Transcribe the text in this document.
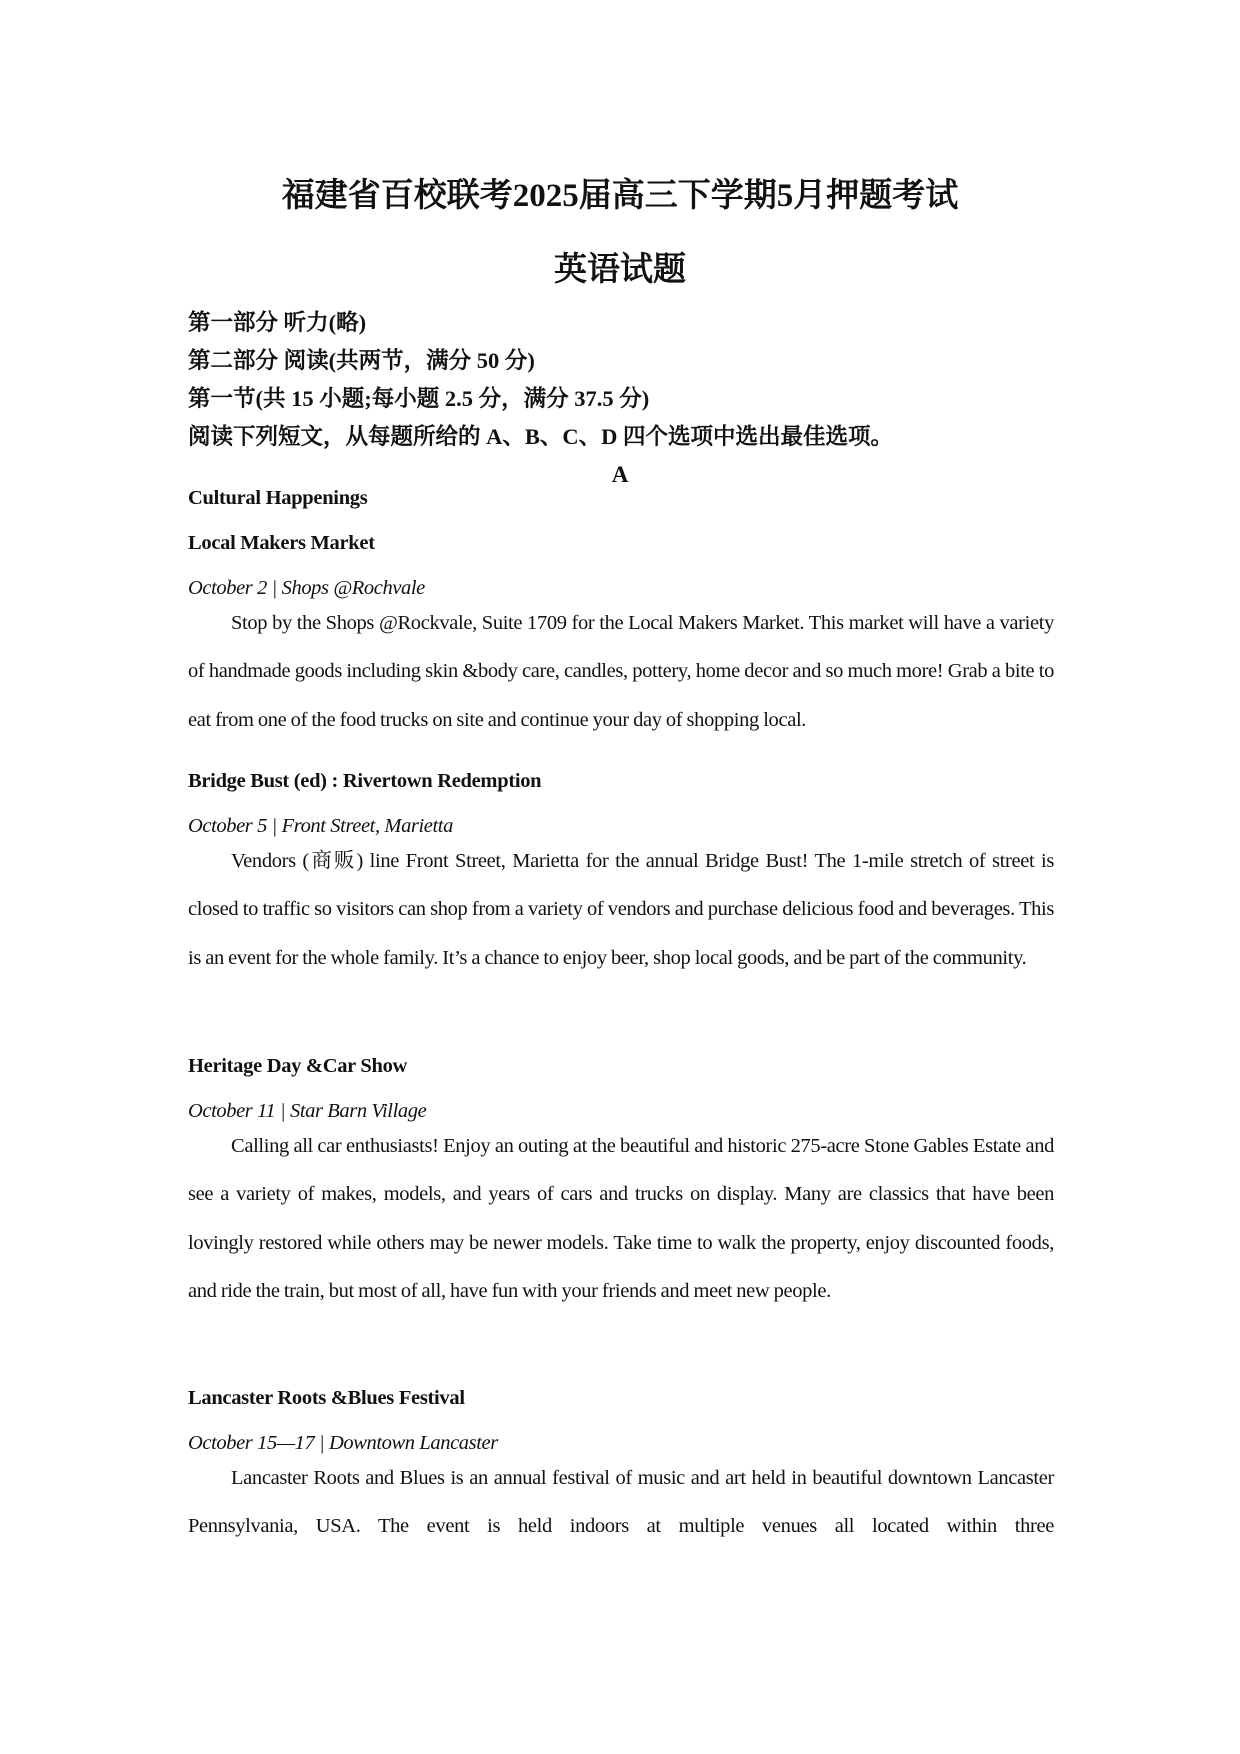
福建省百校联考2025届高三下学期5月押题考试
英语试题
第一部分 听力(略)
第二部分 阅读(共两节，满分 50 分)
第一节(共 15 小题;每小题 2.5 分，满分 37.5 分)
阅读下列短文，从每题所给的 A、B、C、D 四个选项中选出最佳选项。
A
Cultural Happenings
Local Makers Market
October 2 | Shops @Rochvale

Stop by the Shops @Rockvale, Suite 1709 for the Local Makers Market. This market will have a variety of handmade goods including skin &body care, candles, pottery, home decor and so much more! Grab a bite to eat from one of the food trucks on site and continue your day of shopping local.

Bridge Bust (ed) : Rivertown Redemption
October 5 | Front Street, Marietta

Vendors (商贩) line Front Street, Marietta for the annual Bridge Bust! The 1-mile stretch of street is closed to traffic so visitors can shop from a variety of vendors and purchase delicious food and beverages. This is an event for the whole family. It’s a chance to enjoy beer, shop local goods, and be part of the community.

Heritage Day &Car Show
October 11 | Star Barn Village

Calling all car enthusiasts! Enjoy an outing at the beautiful and historic 275-acre Stone Gables Estate and see a variety of makes, models, and years of cars and trucks on display. Many are classics that have been lovingly restored while others may be newer models. Take time to walk the property, enjoy discounted foods, and ride the train, but most of all, have fun with your friends and meet new people.

Lancaster Roots &Blues Festival
October 15—17 | Downtown Lancaster

Lancaster Roots and Blues is an annual festival of music and art held in beautiful downtown Lancaster Pennsylvania, USA. The event is held indoors at multiple venues all located within three
